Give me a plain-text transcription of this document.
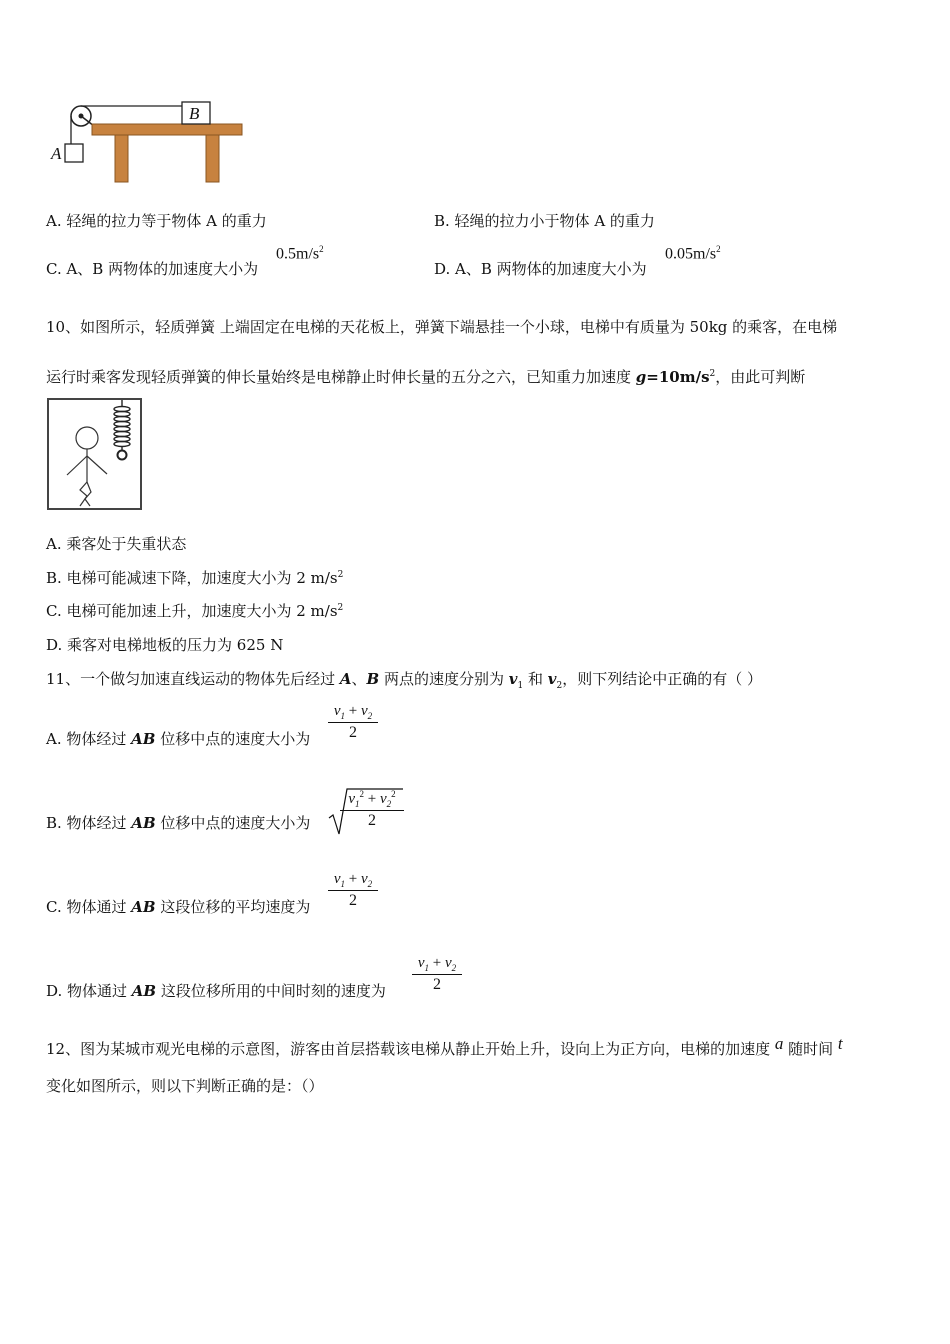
B
A
A. 轻绳的拉力等于物体 A 的重力	B. 轻绳的拉力小于物体 A 的重力
C. A、B 两物体的加速度大小为
$0.5m/s^2$
D. A、B 两物体的加速度大小为
$0.05m/s^2$
10、如图所示，轻质弹簧 上端固定在电梯的天花板上，弹簧下端悬挂一个小球，电梯中有质量为 50kg 的乘客，在电梯
运行时乘客发现轻质弹簧的伸长量始终是电梯静止时伸长量的五分之六，已知重力加速度 $g=10m/s^2$，由此可判断
A. 乘客处于失重状态
B. 电梯可能减速下降，加速度大小为 2 $m/s^2$
C. 电梯可能加速上升，加速度大小为 2 $m/s^2$
D. 乘客对电梯地板的压力为 625 N
11、一个做匀加速直线运动的物体先后经过 A、B 两点的速度分别为 $v_1$ 和 $v_2$，则下列结论中正确的有（ ）
A. 物体经过 AB 位移中点的速度大小为
$v_1 + v_2$
2
B. 物体经过 AB 位移中点的速度大小为
$v_1^2 + v_2^2$
2
C. 物体通过 AB 这段位移的平均速度为
$v_1 + v_2$
2
D. 物体通过 AB 这段位移所用的中间时刻的速度为
$v_1 + v_2$
2
12、图为某城市观光电梯的示意图，游客由首层搭载该电梯从静止开始上升，设向上为正方向，电梯的加速度 a 随时间 t
变化如图所示，则以下判断正确的是：（）
